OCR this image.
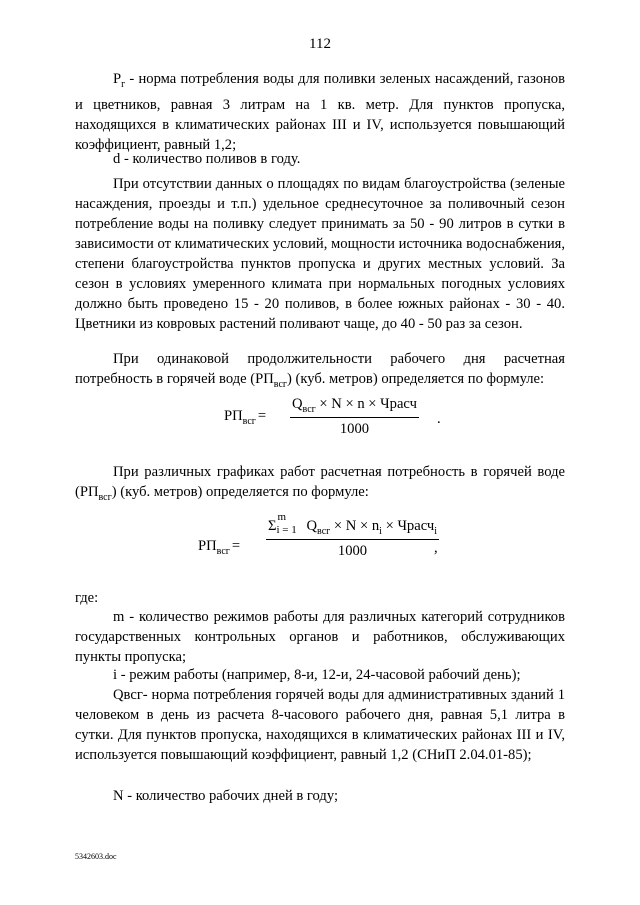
112
$P_г$ - норма потребления воды для поливки зеленых насаждений, газонов и цветников, равная 3 литрам на 1 кв. метр. Для пунктов пропуска, находящихся в климатических районах III и IV, используется повышающий коэффициент, равный 1,2;
d - количество поливов в году.
При отсутствии данных о площадях по видам благоустройства (зеленые насаждения, проезды и т.п.) удельное среднесуточное за поливочный сезон потребление воды на поливку следует принимать за 50 - 90 литров в сутки в зависимости от климатических условий, мощности источника водоснабжения, степени благоустройства пунктов пропуска и других местных условий. За сезон в условиях умеренного климата при нормальных погодных условиях должно быть проведено 15 - 20 поливов, в более южных районах - 30 - 40. Цветники из ковровых растений поливают чаще, до 40 - 50 раз за сезон.
При одинаковой продолжительности рабочего дня расчетная потребность в горячей воде $(РП_{всг})$ (куб. метров) определяется по формуле:
$РП_{всг}$ =
$Q_{всг} \times N \times n$ × Чрасч
1000
.
При различных графиках работ расчетная потребность в горячей воде $(РП_{всг})$ (куб. метров) определяется по формуле:
$РП_{всг}$ =
Σ
m
i = 1 $Q_{всг} \times N \times n_i$ × Чрасч$_i$
1000	,
где:
m - количество режимов работы для различных категорий сотрудников государственных контрольных органов и работников, обслуживающих пункты пропуска;
i - режим работы (например, 8-и, 12-и, 24-часовой рабочий день);
Qвсг- норма потребления горячей воды для административных зданий 1 человеком в день из расчета 8-часового рабочего дня, равная 5,1 литра в сутки. Для пунктов пропуска, находящихся в климатических районах III и IV, используется повышающий коэффициент, равный 1,2 (СНиП 2.04.01-85);
N - количество рабочих дней в году;
5342603.doc
